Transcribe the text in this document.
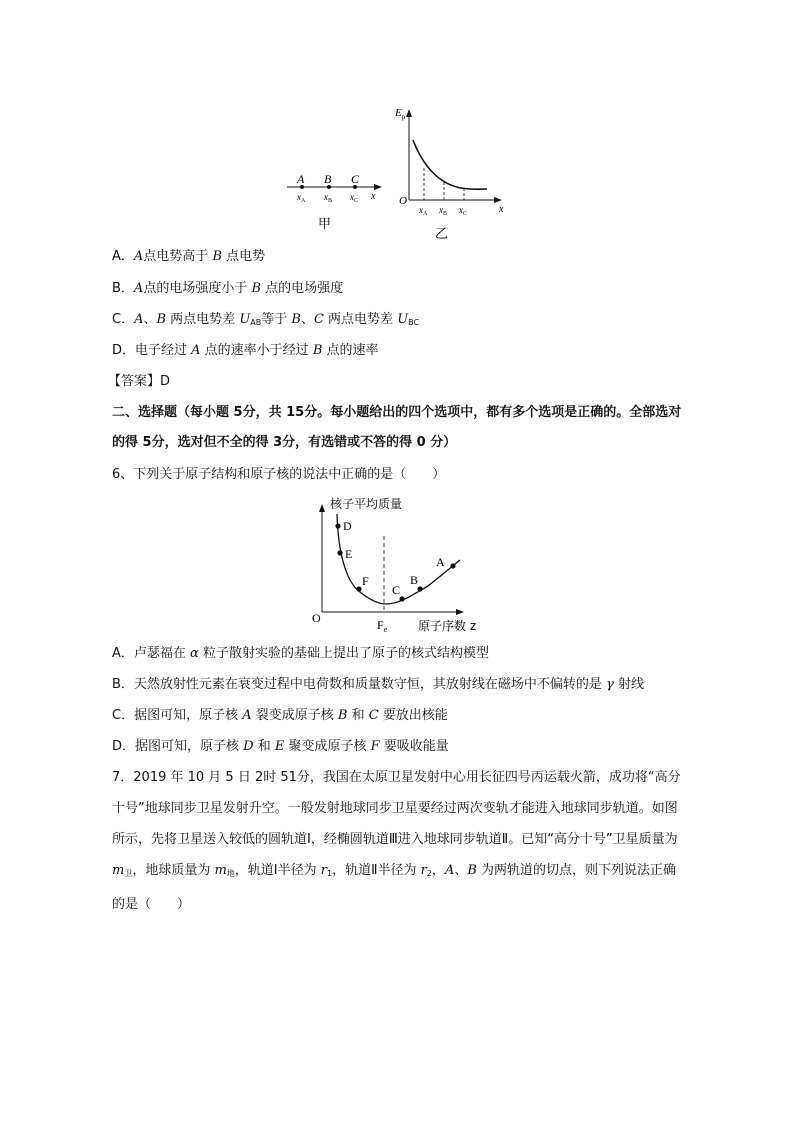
A B C
$x_A$ $x_B$ $x_C$ x
甲
$E_p$
O
x
$x_A$ $x_B$ $x_C$
乙
A．A点电势高于 B 点电势
B．A点的电场强度小于 B 点的电场强度
C．A、B 两点电势差 $U_{AB}$等于 B、C 两点电势差 $U_{BC}$
D．电子经过 A 点的速率小于经过 B 点的速率
【答案】D
二、选择题（每小题 5分，共 15分。每小题给出的四个选项中，都有多个选项是正确的。全部选对的得 5分，选对但不全的得 3分，有选错或不答的得 0 分）
6、下列关于原子结构和原子核的说法中正确的是（　　）
D
E
F
C
B
A
核子平均质量
O	$F_e$	原子序数 z
A．卢瑟福在 α 粒子散射实验的基础上提出了原子的核式结构模型
B．天然放射性元素在衰变过程中电荷数和质量数守恒，其放射线在磁场中不偏转的是 γ 射线
C．据图可知，原子核 A 裂变成原子核 B 和 C 要放出核能
D．据图可知，原子核 D 和 E 聚变成原子核 F 要吸收能量
7．2019 年 10 月 5 日 2时 51分，我国在太原卫星发射中心用长征四号丙运载火箭，成功将“高分十号”地球同步卫星发射升空。一般发射地球同步卫星要经过两次变轨才能进入地球同步轨道。如图所示，先将卫星送入较低的圆轨道Ⅰ，经椭圆轨道Ⅲ进入地球同步轨道Ⅱ。已知“高分十号”卫星质量为 $m_卫$，地球质量为 $m_地$，轨道Ⅰ半径为 $r_1$，轨道Ⅱ半径为 $r_2$，A、B 为两轨道的切点，则下列说法正确的是（　　）
